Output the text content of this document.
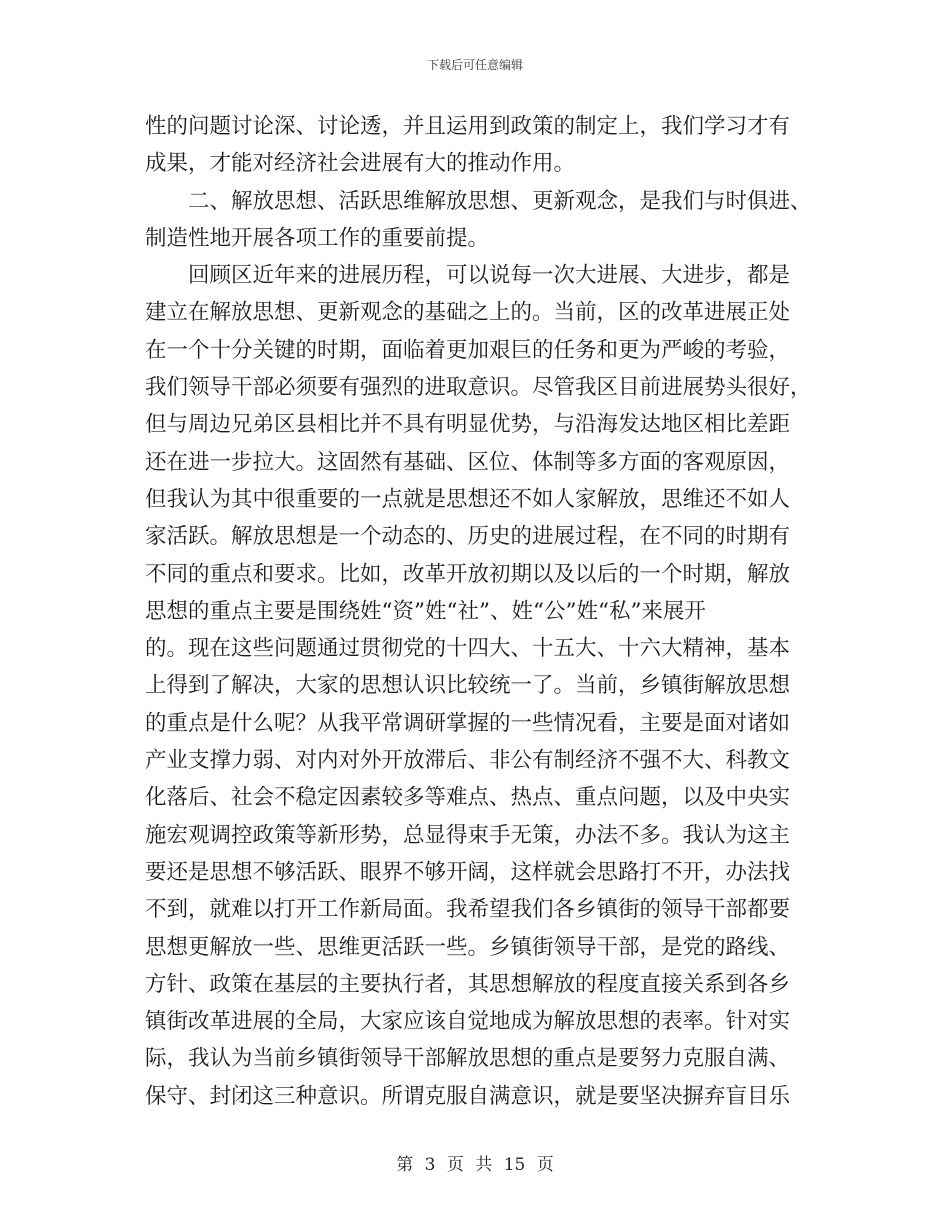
下载后可任意编辑
性的问题讨论深、讨论透，并且运用到政策的制定上，我们学习才有
成果，才能对经济社会进展有大的推动作用。
二、解放思想、活跃思维解放思想、更新观念，是我们与时俱进、
制造性地开展各项工作的重要前提。
回顾区近年来的进展历程，可以说每一次大进展、大进步，都是
建立在解放思想、更新观念的基础之上的。当前，区的改革进展正处
在一个十分关键的时期，面临着更加艰巨的任务和更为严峻的考验，
我们领导干部必须要有强烈的进取意识。尽管我区目前进展势头很好，
但与周边兄弟区县相比并不具有明显优势，与沿海发达地区相比差距
还在进一步拉大。这固然有基础、区位、体制等多方面的客观原因，
但我认为其中很重要的一点就是思想还不如人家解放，思维还不如人
家活跃。解放思想是一个动态的、历史的进展过程，在不同的时期有
不同的重点和要求。比如，改革开放初期以及以后的一个时期，解放
思想的重点主要是围绕姓“资”姓“社”、姓“公”姓“私”来展开
的。现在这些问题通过贯彻党的十四大、十五大、十六大精神，基本
上得到了解决，大家的思想认识比较统一了。当前，乡镇街解放思想
的重点是什么呢？从我平常调研掌握的一些情况看，主要是面对诸如
产业支撑力弱、对内对外开放滞后、非公有制经济不强不大、科教文
化落后、社会不稳定因素较多等难点、热点、重点问题，以及中央实
施宏观调控政策等新形势，总显得束手无策，办法不多。我认为这主
要还是思想不够活跃、眼界不够开阔，这样就会思路打不开，办法找
不到，就难以打开工作新局面。我希望我们各乡镇街的领导干部都要
思想更解放一些、思维更活跃一些。乡镇街领导干部，是党的路线、
方针、政策在基层的主要执行者，其思想解放的程度直接关系到各乡
镇街改革进展的全局，大家应该自觉地成为解放思想的表率。针对实
际，我认为当前乡镇街领导干部解放思想的重点是要努力克服自满、
保守、封闭这三种意识。所谓克服自满意识，就是要坚决摒弃盲目乐
第 3 页 共 15 页
